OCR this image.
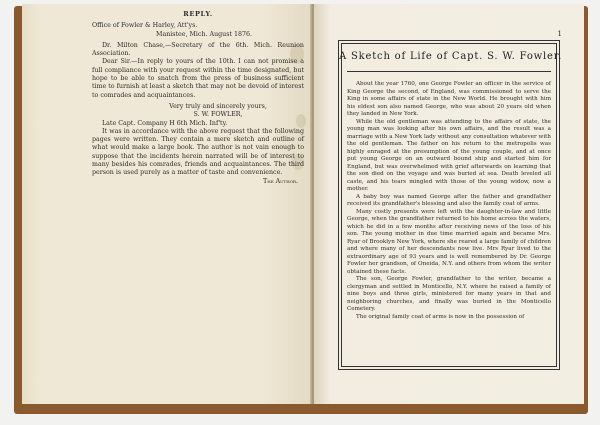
REPLY.

Office of Fowler & Harley, Att'ys.

Manistee, Mich. August 1876.

Dr. Milton Chase,—Secretary of the 6th. Mich. Reunion Association.

Dear Sir.—In reply to yours of the 10th. I can not promise a full compliance with your request within the time designated, but hope to be able to snatch from the press of business sufficient time to furnish at least a sketch that may not be devoid of interest to comrades and acquaintances.

Very truly and sincerely yours,

S. W. FOWLER,

Late Capt. Company H 6th Mich. Inf'ty.

It was in accordance with the above request that the following pages were written. They contain a mere sketch and outline of what would make a large book. The author is not vain enough to suppose that the incidents herein narrated will be of interest to many besides his comrades, friends and acquaintances. The third person is used purely as a matter of taste and convenience.

The Author.

1
A Sketch of Life of Capt. S. W. Fowler.

About the year 1760, one George Fowler an officer in the service of King George the second, of England, was commissioned to serve the King in some affairs of state in the New World. He brought with him his eldest son also named George, who was about 20 years old when they landed in New York.

While the old gentleman was attending to the affairs of state, the young man was looking after his own affairs, and the result was a marriage with a New York lady without any consultation whatever with the old gentleman. The father on his return to the metropolis was highly enraged at the presumption of the young couple, and at once put young George on an outward bound ship and started him for England, but was overwhelmed with grief afterwards on learning that the son died on the voyage and was buried at sea. Death leveled all caste, and his tears mingled with those of the young widow, now a mother.

A baby boy was named George after the father and grandfather received its grandfather's blessing and also the family coat of arms.

Many costly presents were left with the daughter-in-law and little George, when the grandfather returned to his home across the waters, which he did in a few months after receiving news of the loss of his son. The young mother in due time married again and became Mrs. Ryar of Brooklyn New York, where she reared a large family of children and where many of her descendants now live. Mrs Ryar lived to the extraordinary age of 93 years and is well remembered by Dr. George Fowler her grandson, of Oneida, N.Y. and others from whom the writer obtained these facts.

The son, George Fowler, grandfather to the writer, became a clergyman and settled in Monticello, N.Y. where he raised a family of nine boys and three girls, ministered for many years in that and neighboring churches, and finally was buried in the Monticello Cemetery.

The original family coat of arms is now in the possession of
